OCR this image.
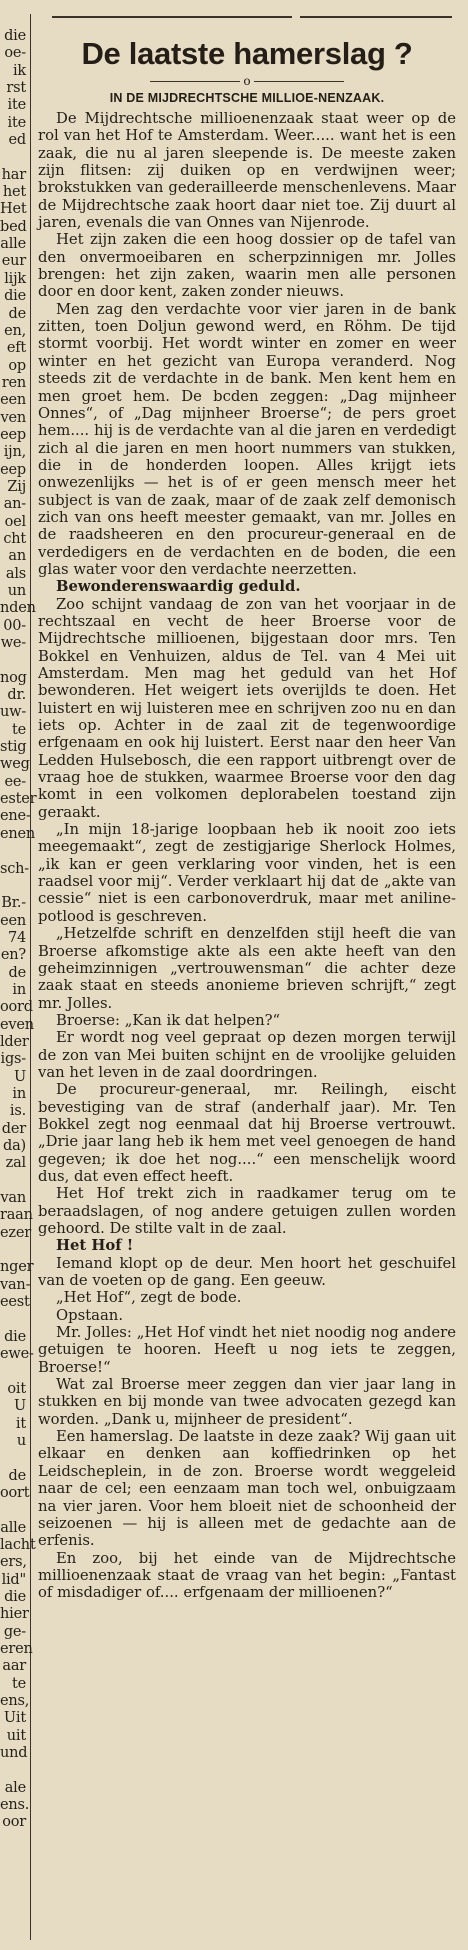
die
oe-
ik
rst
ite
ite
ed
har
het
Het
bed
alle
eur
lijk
die
de
en,
eft
op
ren
een
ven
eep
ijn,
eep
Zij
an-
oel
cht
an
als
un
nden
00-
we-
nog
dr.
uw-
te
stig
weg
ee-
ester
ene-
enen
sch-
Br.-
een
74
en?
de
in
oord
even
lder
igs-
U
in
is.
der
da)
zal
van
raan
ezer
nger
van-
eest
die
ewe-
oit
U
it
u
de
oort
alle
lacht
ers,
lid"
die
hier
ge-
eren
aar
te
ens,
Uit
uit
und
ale
ens.
oor
De laatste hamerslag ?

o

IN DE MIJDRECHTSCHE MILLIOE-NENZAAK.

De Mijdrechtsche millioenenzaak staat weer op de rol van het Hof te Amsterdam. Weer..... want het is een zaak, die nu al jaren sleepende is. De meeste zaken zijn flitsen: zij duiken op en verdwijnen weer; brokstukken van gederailleerde menschenlevens. Maar de Mijdrechtsche zaak hoort daar niet toe. Zij duurt al jaren, evenals die van Onnes van Nijenrode.

Het zijn zaken die een hoog dossier op de tafel van den onvermoeibaren en scherpzinnigen mr. Jolles brengen: het zijn zaken, waarin men alle personen door en door kent, zaken zonder nieuws.

Men zag den verdachte voor vier jaren in de bank zitten, toen Doljun gewond werd, en Röhm. De tijd stormt voorbij. Het wordt winter en zomer en weer winter en het gezicht van Europa veranderd. Nog steeds zit de verdachte in de bank. Men kent hem en men groet hem. De bcden zeggen: „Dag mijnheer Onnes“, of „Dag mijnheer Broerse“; de pers groet hem.... hij is de verdachte van al die jaren en verdedigt zich al die jaren en men hoort nummers van stukken, die in de honderden loopen. Alles krijgt iets onwezenlijks — het is of er geen mensch meer het subject is van de zaak, maar of de zaak zelf demonisch zich van ons heeft meester gemaakt, van mr. Jolles en de raadsheeren en den procureur-generaal en de verdedigers en de verdachten en de boden, die een glas water voor den verdachte neerzetten.

Bewonderenswaardig geduld.

Zoo schijnt vandaag de zon van het voorjaar in de rechtszaal en vecht de heer Broerse voor de Mijdrechtsche millioenen, bijgestaan door mrs. Ten Bokkel en Venhuizen, aldus de Tel. van 4 Mei uit Amsterdam. Men mag het geduld van het Hof bewonderen. Het weigert iets overijlds te doen. Het luistert en wij luisteren mee en schrijven zoo nu en dan iets op. Achter in de zaal zit de tegenwoordige erfgenaam en ook hij luistert. Eerst naar den heer Van Ledden Hulsebosch, die een rapport uitbrengt over de vraag hoe de stukken, waarmee Broerse voor den dag komt in een volkomen deplorabelen toestand zijn geraakt.

„In mijn 18-jarige loopbaan heb ik nooit zoo iets meegemaakt“, zegt de zestigjarige Sherlock Holmes, „ik kan er geen verklaring voor vinden, het is een raadsel voor mij“. Verder verklaart hij dat de „akte van cessie“ niet is een carbonoverdruk, maar met aniline-potlood is geschreven.

„Hetzelfde schrift en denzelfden stijl heeft die van Broerse afkomstige akte als een akte heeft van den geheimzinnigen „vertrouwensman“ die achter deze zaak staat en steeds anonieme brieven schrijft,“ zegt mr. Jolles.

Broerse: „Kan ik dat helpen?“

Er wordt nog veel gepraat op dezen morgen terwijl de zon van Mei buiten schijnt en de vroolijke geluiden van het leven in de zaal doordringen.

De procureur-generaal, mr. Reilingh, eischt bevestiging van de straf (anderhalf jaar). Mr. Ten Bokkel zegt nog eenmaal dat hij Broerse vertrouwt. „Drie jaar lang heb ik hem met veel genoegen de hand gegeven; ik doe het nog....“ een menschelijk woord dus, dat even effect heeft.

Het Hof trekt zich in raadkamer terug om te beraadslagen, of nog andere getuigen zullen worden gehoord. De stilte valt in de zaal.

Het Hof !

Iemand klopt op de deur. Men hoort het geschuifel van de voeten op de gang. Een geeuw.

„Het Hof“, zegt de bode.

Opstaan.

Mr. Jolles: „Het Hof vindt het niet noodig nog andere getuigen te hooren. Heeft u nog iets te zeggen, Broerse!“

Wat zal Broerse meer zeggen dan vier jaar lang in stukken en bij monde van twee advocaten gezegd kan worden. „Dank u, mijnheer de president“.

Een hamerslag. De laatste in deze zaak? Wij gaan uit elkaar en denken aan koffiedrinken op het Leidscheplein, in de zon. Broerse wordt weggeleid naar de cel; een eenzaam man toch wel, onbuigzaam na vier jaren. Voor hem bloeit niet de schoonheid der seizoenen — hij is alleen met de gedachte aan de erfenis.

En zoo, bij het einde van de Mijdrechtsche millioenenzaak staat de vraag van het begin: „Fantast of misdadiger of.... erfgenaam der millioenen?“
